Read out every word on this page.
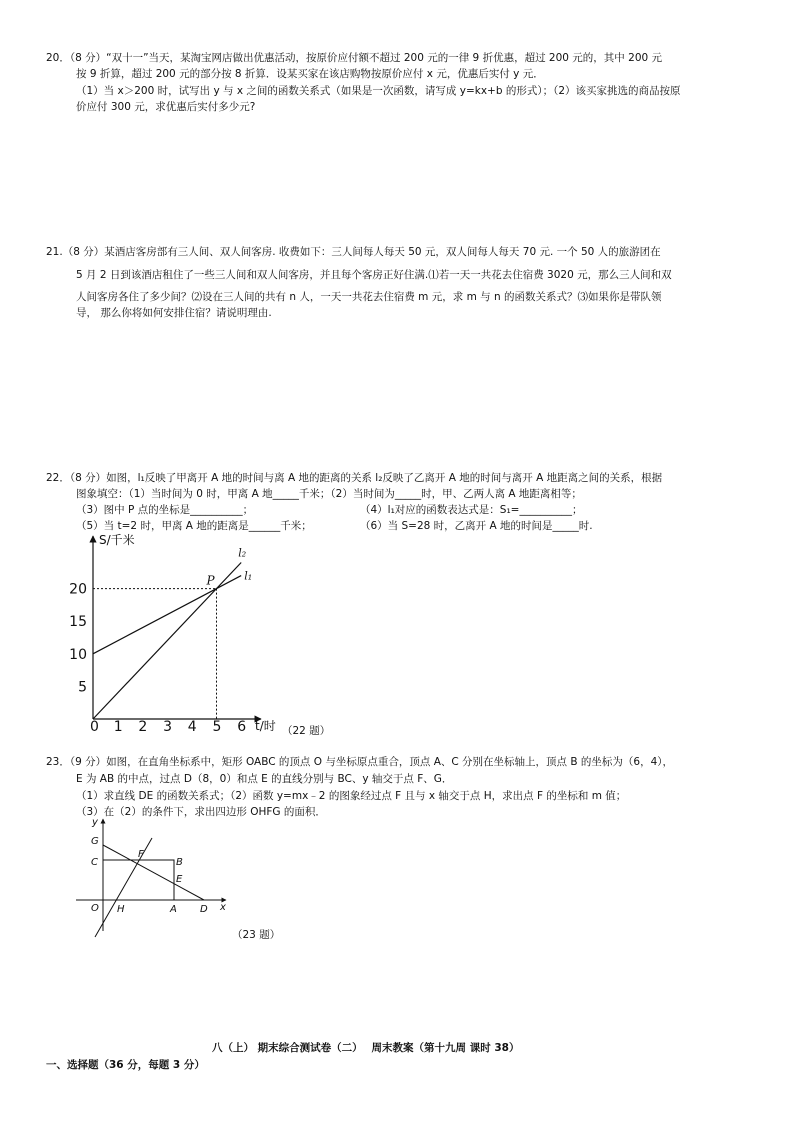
20．（8 分）“双十一”当天，某淘宝网店做出优惠活动，按原价应付额不超过 200 元的一律 9 折优惠，超过 200 元的，其中 200 元
按 9 折算，超过 200 元的部分按 8 折算．设某买家在该店购物按原价应付 x 元，优惠后实付 y 元．
（1）当 x＞200 时，试写出 y 与 x 之间的函数关系式（如果是一次函数，请写成 y=kx+b 的形式）；（2）该买家挑选的商品按原
价应付 300 元，求优惠后实付多少元?
21.（8 分）某酒店客房部有三人间、双人间客房. 收费如下：三人间每人每天 50 元，双人间每人每天 70 元. 一个 50 人的旅游团在
5 月 2 日到该酒店租住了一些三人间和双人间客房，并且每个客房正好住满.⑴若一天一共花去住宿费 3020 元，那么三人间和双
人间客房各住了多少间？⑵设在三人间的共有 n 人，一天一共花去住宿费 m 元，求 m 与 n 的函数关系式？⑶如果你是带队领
导， 那么你将如何安排住宿？请说明理由.
22．（8 分）如图，l₁反映了甲离开 A 地的时间与离 A 地的距离的关系 l₂反映了乙离开 A 地的时间与离开 A 地距离之间的关系，根据
图象填空：（1）当时间为 0 时，甲离 A 地_____千米；（2）当时间为_____时，甲、乙两人离 A 地距离相等；
（3）图中 P 点的坐标是__________；	（4）l₁对应的函数表达式是：S₁=__________；
（5）当 t=2 时，甲离 A 地的距离是______千米；	（6）当 S=28 时，乙离开 A 地的时间是_____时.
1 2 3 4 5 6
5
10
15
20
l₁
l₂
P
0
S/千米
t/时 （22 题）
23．（9 分）如图，在直角坐标系中，矩形 OABC 的顶点 O 与坐标原点重合，顶点 A、C 分别在坐标轴上，顶点 B 的坐标为（6，4），
E 为 AB 的中点，过点 D（8，0）和点 E 的直线分别与 BC、y 轴交于点 F、G．
（1）求直线 DE 的函数关系式；（2）函数 y=mx﹣2 的图象经过点 F 且与 x 轴交于点 H，求出点 F 的坐标和 m 值；
（3）在（2）的条件下，求出四边形 OHFG 的面积．
y
G
C
F
B
E
O H	A D x
（23 题）
八（上） 期末综合测试卷（二）　 周末教案（第十九周 课时 38）
一、选择题（36 分，每题 3 分）
